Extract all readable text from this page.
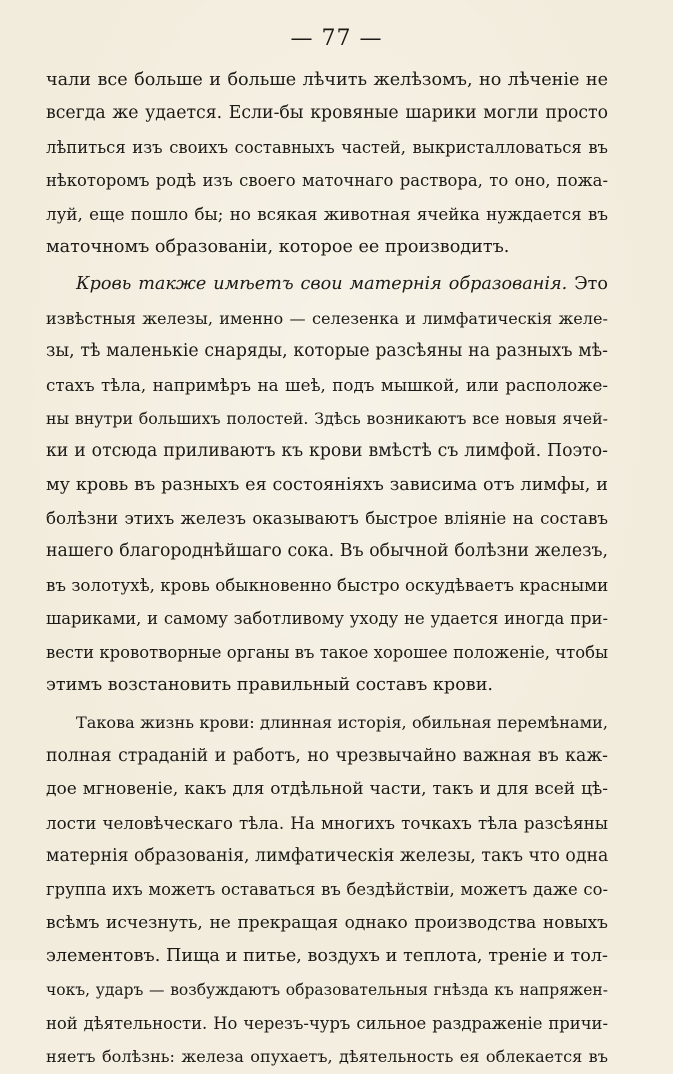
— 77 —
чали все больше и больше лѣчить желѣзомъ, но лѣченіе не
всегда же удается. Если-бы кровяные шарики могли просто
лѣпиться изъ своихъ составныхъ частей, выкристалловаться въ
нѣкоторомъ родѣ изъ своего маточнаго раствора, то оно, пожа-
луй, еще пошло бы; но всякая животная ячейка нуждается въ
маточномъ образованіи, которое ее производитъ.
Кровь также имѣетъ свои матернія образованія. Это
извѣстныя железы, именно — селезенка и лимфатическія желе-
зы, тѣ маленькіе снаряды, которые разсѣяны на разныхъ мѣ-
стахъ тѣла, напримѣръ на шеѣ, подъ мышкой, или расположе-
ны внутри большихъ полостей. Здѣсь возникаютъ все новыя ячей-
ки и отсюда приливаютъ къ крови вмѣстѣ съ лимфой. Поэто-
му кровь въ разныхъ ея состояніяхъ зависима отъ лимфы, и
болѣзни этихъ железъ оказываютъ быстрое вліяніе на составъ
нашего благороднѣйшаго сока. Въ обычной болѣзни железъ,
въ золотухѣ, кровь обыкновенно быстро оскудѣваетъ красными
шариками, и самому заботливому уходу не удается иногда при-
вести кровотворные органы въ такое хорошее положеніе, чтобы
этимъ возстановить правильный составъ крови.
Такова жизнь крови: длинная исторія, обильная перемѣнами,
полная страданій и работъ, но чрезвычайно важная въ каж-
дое мгновеніе, какъ для отдѣльной части, такъ и для всей цѣ-
лости человѣческаго тѣла. На многихъ точкахъ тѣла разсѣяны
матернія образованія, лимфатическія железы, такъ что одна
группа ихъ можетъ оставаться въ бездѣйствіи, можетъ даже со-
всѣмъ исчезнуть, не прекращая однако производства новыхъ
элементовъ. Пища и питье, воздухъ и теплота, треніе и тол-
чокъ, ударъ — возбуждаютъ образовательныя гнѣзда къ напряжен-
ной дѣятельности. Но черезъ-чуръ сильное раздраженіе причи-
няетъ болѣзнь: железа опухаетъ, дѣятельность ея облекается въ
